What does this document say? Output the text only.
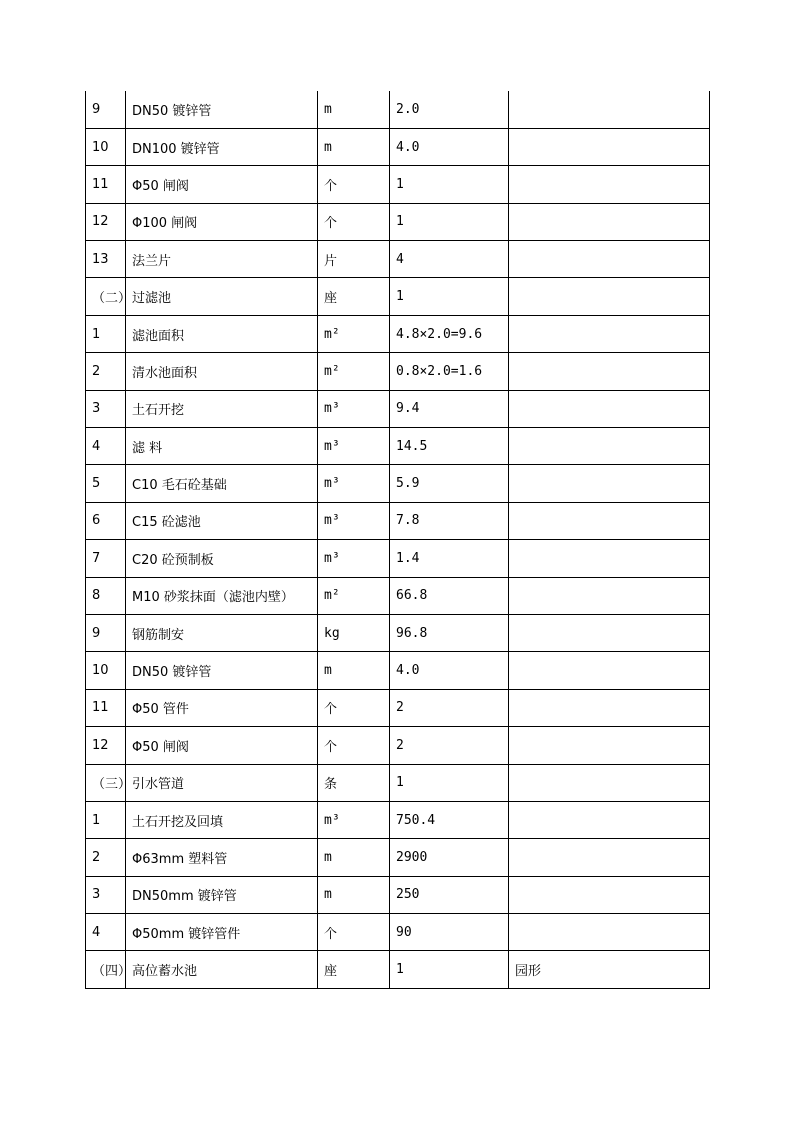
9	DN50 镀锌管	m	2.0	
10	DN100 镀锌管	m	4.0	
11	Φ50 闸阀	个	1	
12	Φ100 闸阀	个	1	
13	法兰片	片	4	
（二）	过滤池	座	1	
1	滤池面积	m²	4.8×2.0=9.6	
2	清水池面积	m²	0.8×2.0=1.6	
3	土石开挖	m³	9.4	
4	滤 料	m³	14.5	
5	C10 毛石砼基础	m³	5.9	
6	C15 砼滤池	m³	7.8	
7	C20 砼预制板	m³	1.4	
8	M10 砂浆抹面（滤池内壁）	m²	66.8	
9	钢筋制安	kg	96.8	
10	DN50 镀锌管	m	4.0	
11	Φ50 管件	个	2	
12	Φ50 闸阀	个	2	
（三）	引水管道	条	1	
1	土石开挖及回填	m³	750.4	
2	Φ63mm 塑料管	m	2900	
3	DN50mm 镀锌管	m	250	
4	Φ50mm 镀锌管件	个	90	
（四）	高位蓄水池	座	1	园形
